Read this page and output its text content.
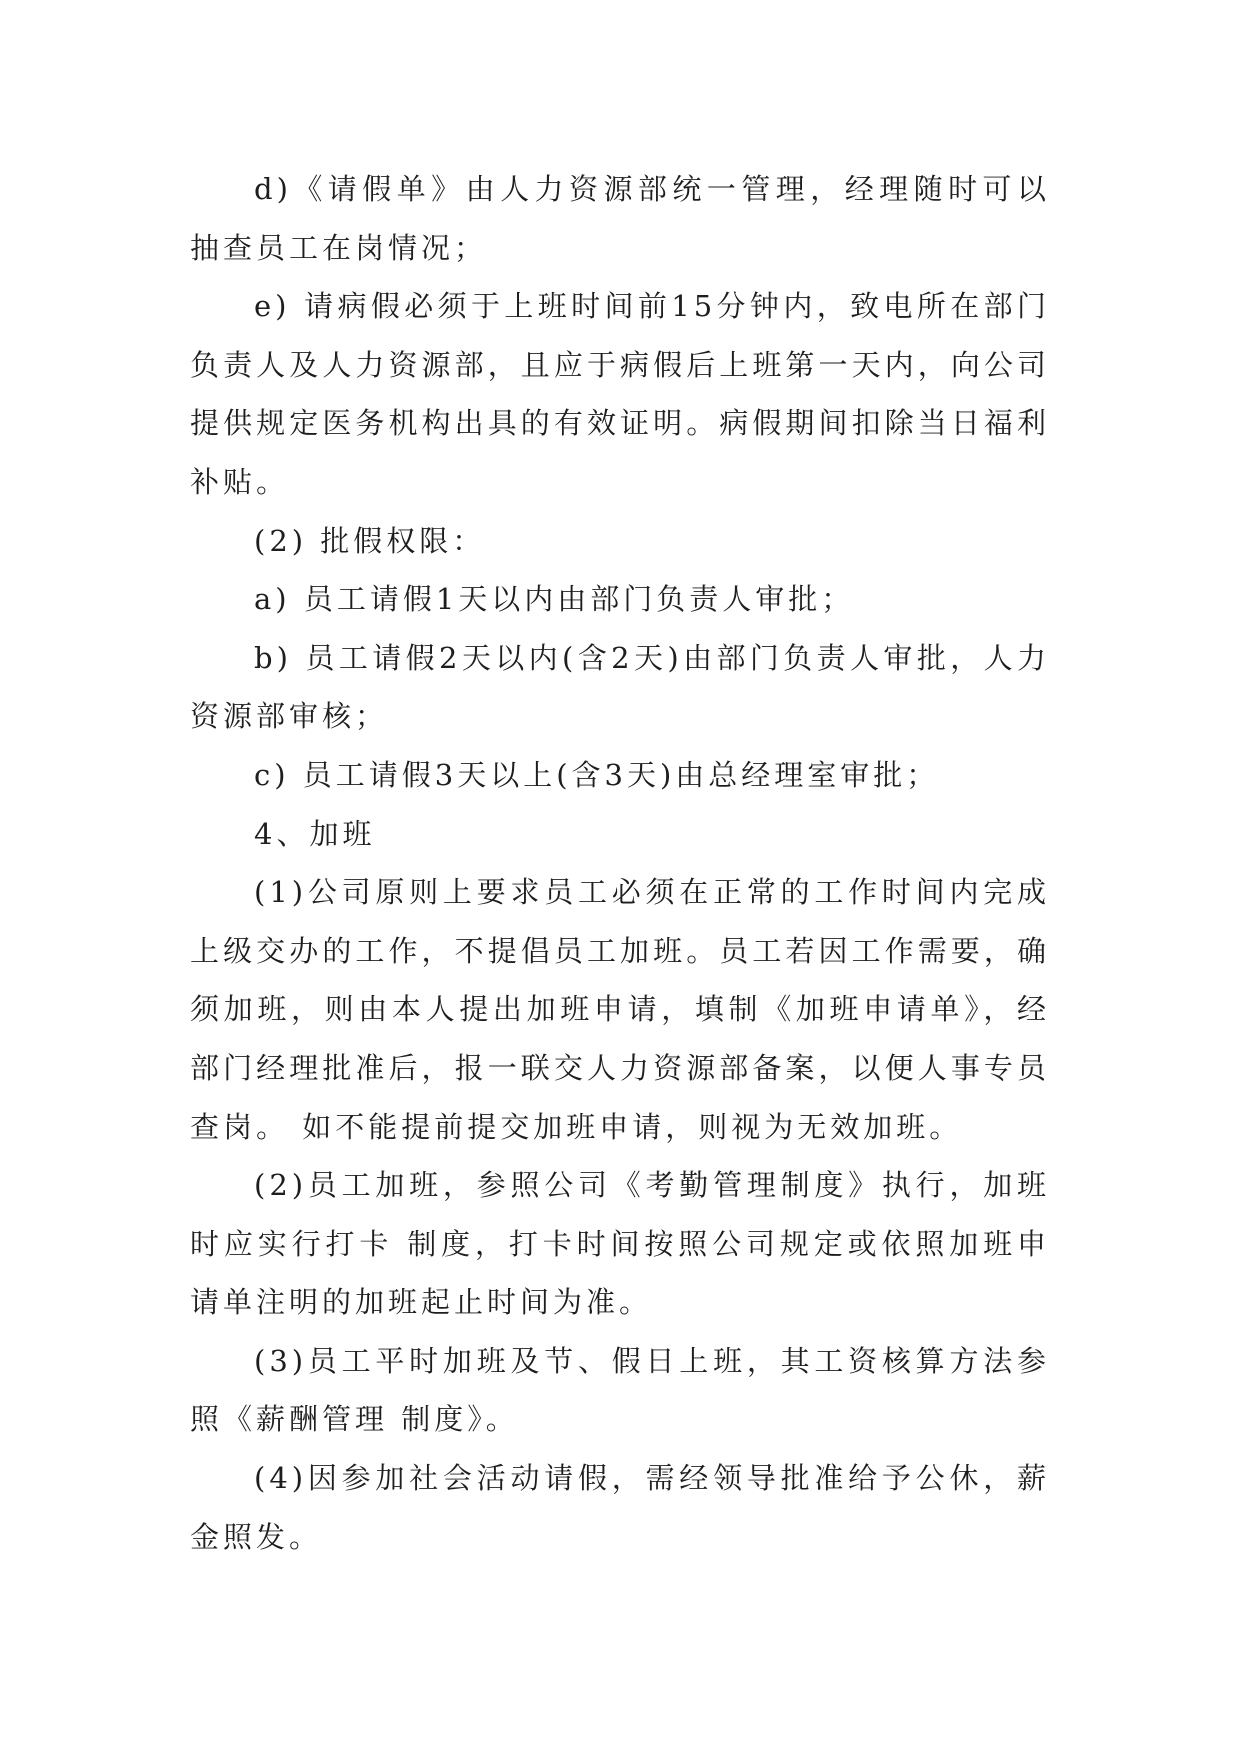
d)《请假单》由人力资源部统一管理，经理随时可以抽查员工在岗情况；

e) 请病假必须于上班时间前15分钟内，致电所在部门负责人及人力资源部，且应于病假后上班第一天内，向公司提供规定医务机构出具的有效证明。病假期间扣除当日福利补贴。

(2) 批假权限：

a) 员工请假1天以内由部门负责人审批；

b) 员工请假2天以内(含2天)由部门负责人审批，人力资源部审核；

c) 员工请假3天以上(含3天)由总经理室审批；

4、加班

(1)公司原则上要求员工必须在正常的工作时间内完成上级交办的工作，不提倡员工加班。员工若因工作需要，确须加班，则由本人提出加班申请，填制《加班申请单》，经部门经理批准后，报一联交人力资源部备案，以便人事专员查岗。 如不能提前提交加班申请，则视为无效加班。

(2)员工加班，参照公司《考勤管理制度》执行，加班时应实行打卡 制度，打卡时间按照公司规定或依照加班申请单注明的加班起止时间为准。

(3)员工平时加班及节、假日上班，其工资核算方法参照《薪酬管理 制度》。

(4)因参加社会活动请假，需经领导批准给予公休，薪金照发。
